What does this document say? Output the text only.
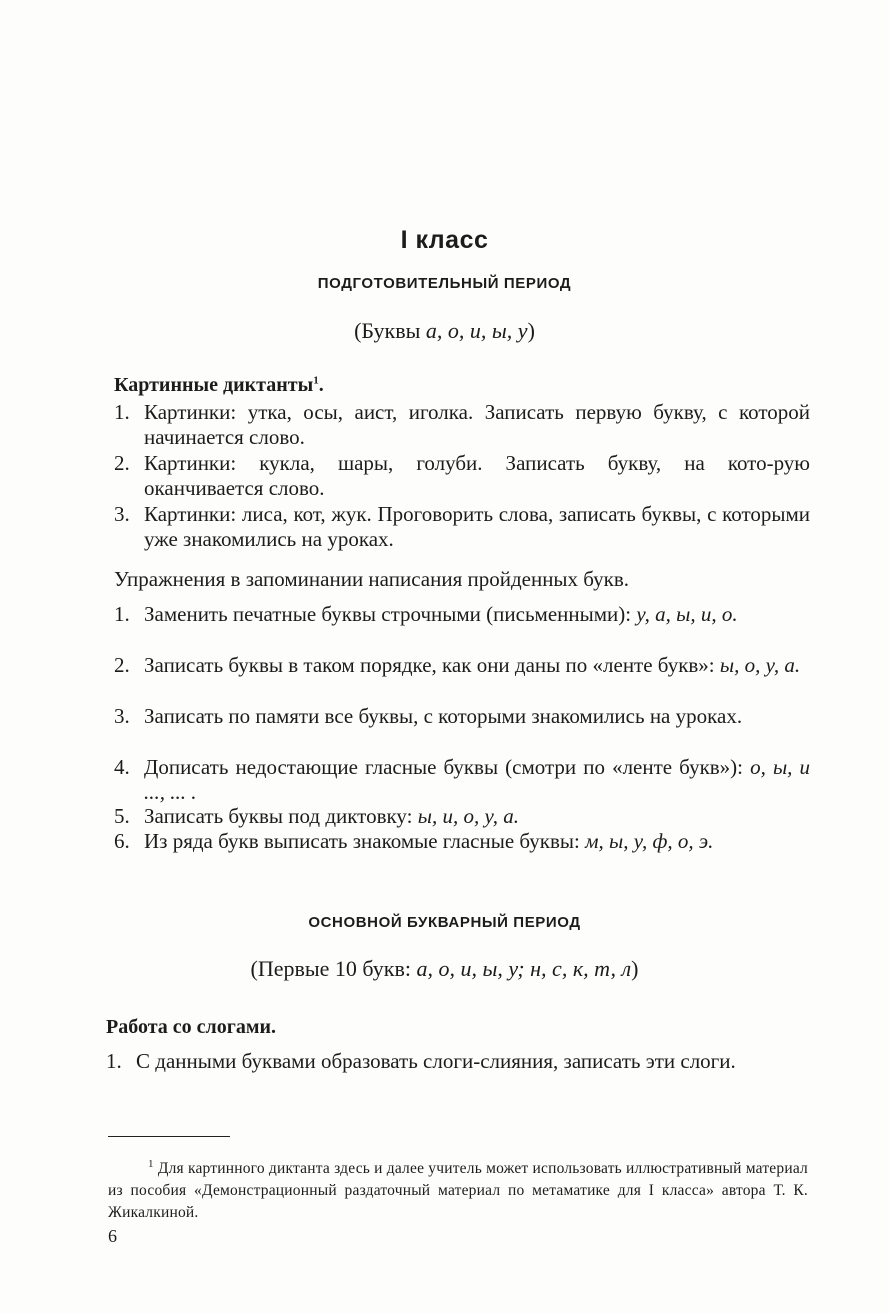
I класс
ПОДГОТОВИТЕЛЬНЫЙ ПЕРИОД
(Буквы а, о, и, ы, у)
Картинные диктанты$^1$.
1. Картинки: утка, осы, аист, иголка. Записать первую букву, с которой начинается слово.
2. Картинки: кукла, шары, голуби. Записать букву, на кото-рую оканчивается слово.
3. Картинки: лиса, кот, жук. Проговорить слова, записать буквы, с которыми уже знакомились на уроках.
Упражнения в запоминании написания пройденных букв.
1. Заменить печатные буквы строчными (письменными): у, а, ы, и, о.
2. Записать буквы в таком порядке, как они даны по «ленте букв»: ы, о, у, а.
3. Записать по памяти все буквы, с которыми знакомились на уроках.
4. Дописать недостающие гласные буквы (смотри по «ленте букв»): о, ы, и ..., ... .
5. Записать буквы под диктовку: ы, и, о, у, а.
6. Из ряда букв выписать знакомые гласные буквы: м, ы, у, ф, о, э.
ОСНОВНОЙ БУКВАРНЫЙ ПЕРИОД
(Первые 10 букв: а, о, и, ы, у; н, с, к, т, л)
Работа со слогами.
1. С данными буквами образовать слоги-слияния, записать эти слоги.
$^1$ Для картинного диктанта здесь и далее учитель может использовать иллюстративный материал из пособия «Демонстрационный раздаточный материал по метаматике для I класса» автора Т. К. Жикалкиной.
6
